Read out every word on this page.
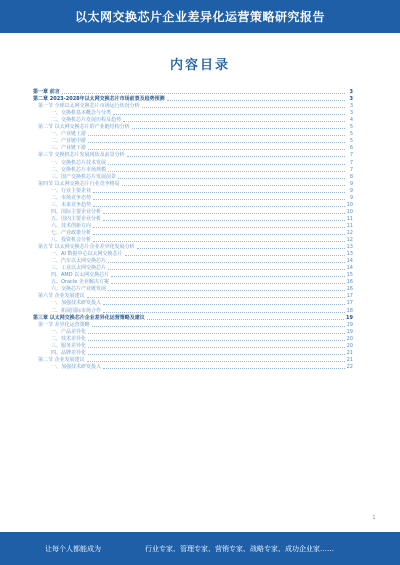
以太网交换芯片企业差异化运营策略研究报告
内容目录
第一章 前言	3
第二章 2023-2028年以太网交换芯片市场前景及趋势预测	3
第一节 全球以太网交换芯片市场运行状况分析	3
一、交换机基本概念与分类	3
二、交换机芯片发展历程及趋势	4
第二节 以太网交换芯片的产业链结构分析	5
一、产业链上游	5
二、产业链中游	5
三、产业链下游	6
第三节 交换机芯片发展现状及前景分析	7
一、交换机芯片技术发展	7
二、交换机芯片市场规模	7
三、国产交换机芯片发展前景	8
第四节 以太网交换芯片行业竞争格局	9
一、行业主要企业	9
二、市场竞争态势	9
三、未来竞争趋势	10
四、国际主要企业分析	10
五、国内主要企业分析	11
六、技术创新方向	11
七、产业政策分析	12
八、投资机会分析	12
第五节 以太网交换芯片企业差异化发展分析	13
一、AI 数据中心以太网交换芯片	13
二、汽车以太网交换芯片	14
三、工业以太网交换芯片	14
四、AMD 以太网交换芯片	15
五、Oracle 企业解决方案	16
六、交换芯片产业链发展	16
第六节 企业发展建议	17
一、加强技术研发投入	17
二、拓展国际市场合作	18
第三章 以太网交换芯片企业差异化运营策略及建议	19
第一节 差异化运营策略	19
一、产品差异化	19
二、技术差异化	20
三、服务差异化	20
四、品牌差异化	21
第二节 企业发展建议	21
一、加强技术研发投入	22
1
让每个人都能成为	行业专家、管理专家、营销专家、战略专家、成功企业家……
